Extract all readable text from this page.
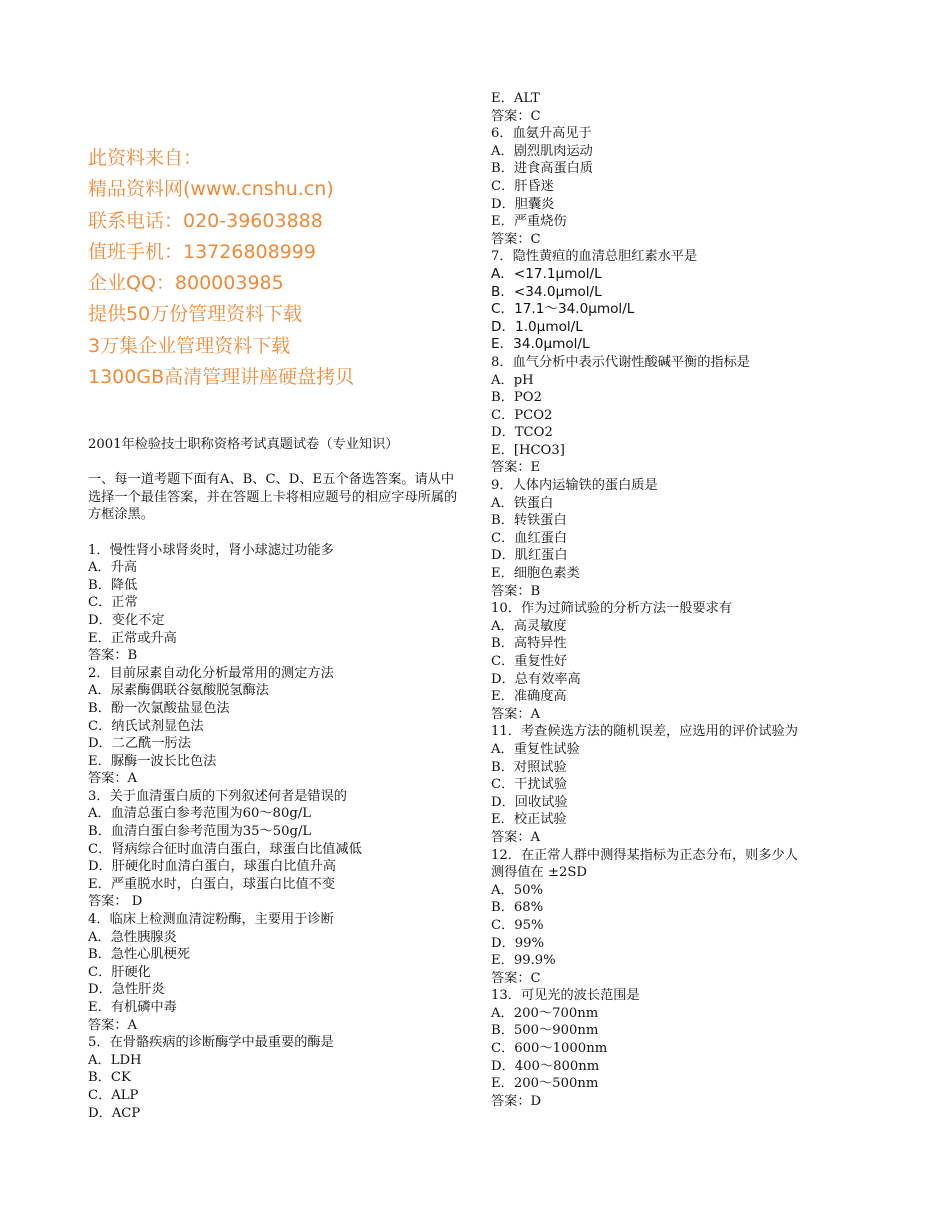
此资料来自：
精品资料网(www.cnshu.cn)
联系电话：020-39603888
值班手机：13726808999
企业QQ：800003985
提供50万份管理资料下载
3万集企业管理资料下载
1300GB高清管理讲座硬盘拷贝
2001年检验技士职称资格考试真题试卷（专业知识）
一、每一道考题下面有A、B、C、D、E五个备选答案。请从中选择一个最佳答案，并在答题上卡将相应题号的相应字母所属的方框涂黑。
1．慢性肾小球肾炎时，肾小球滤过功能多
A．升高
B．降低
C．正常
D．变化不定
E．正常或升高
答案：B
2．目前尿素自动化分析最常用的测定方法
A．尿素酶偶联谷氨酸脱氢酶法
B．酚一次氯酸盐显色法
C．纳氏试剂显色法
D．二乙酰一肟法
E．脲酶一波长比色法
答案：A
3．关于血清蛋白质的下列叙述何者是错误的
A．血清总蛋白参考范围为60～80g/L
B．血清白蛋白参考范围为35～50g/L
C．肾病综合征时血清白蛋白，球蛋白比值减低
D．肝硬化时血清白蛋白，球蛋白比值升高
E．严重脱水时，白蛋白，球蛋白比值不变
答案： D
4．临床上检测血清淀粉酶，主要用于诊断
A．急性胰腺炎
B．急性心肌梗死
C．肝硬化
D．急性肝炎
E．有机磷中毒
答案：A
5．在骨骼疾病的诊断酶学中最重要的酶是
A．LDH
B．CK
C．ALP
D．ACP
E．ALT
答案：C
6．血氨升高见于
A．剧烈肌肉运动
B．进食高蛋白质
C．肝昏迷
D．胆囊炎
E．严重烧伤
答案：C
7．隐性黄疸的血清总胆红素水平是
A．<17.1μmol/L
B．<34.0μmol/L
C．17.1～34.0μmol/L
D．1.0μmol/L
E．34.0μmol/L
8．血气分析中表示代谢性酸碱平衡的指标是
A．pH
B．PO2
C．PCO2
D．TCO2
E．[HCO3]
答案：E
9．人体内运输铁的蛋白质是
A．铁蛋白
B．转铁蛋白
C．血红蛋白
D．肌红蛋白
E．细胞色素类
答案：B
10．作为过筛试验的分析方法一般要求有
A．高灵敏度
B．高特异性
C．重复性好
D．总有效率高
E．准确度高
答案：A
11．考查候选方法的随机误差，应选用的评价试验为
A．重复性试验
B．对照试验
C．干扰试验
D．回收试验
E．校正试验
答案：A
12．在正常人群中测得某指标为正态分布，则多少人
测得值在 ±2SD
A．50%
B．68%
C．95%
D．99%
E．99.9%
答案：C
13．可见光的波长范围是
A．200～700nm
B．500～900nm
C．600～1000nm
D．400～800nm
E．200～500nm
答案：D
